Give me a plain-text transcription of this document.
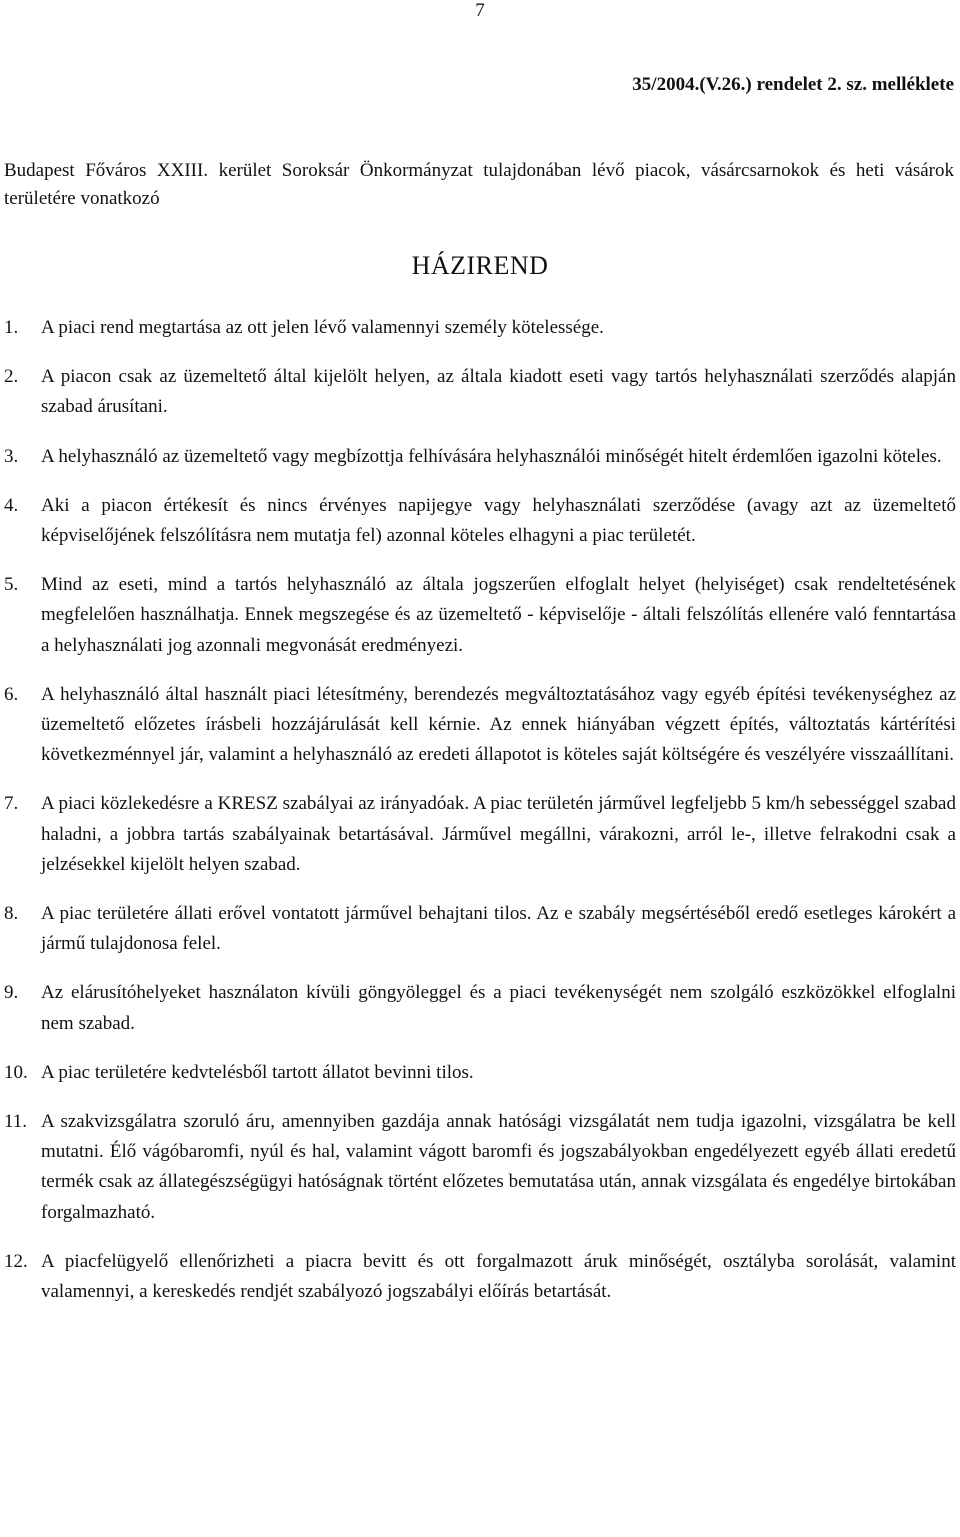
7
35/2004.(V.26.) rendelet 2. sz. melléklete
Budapest Főváros XXIII. kerület Soroksár Önkormányzat tulajdonában lévő piacok, vásárcsarnokok és heti vásárok területére vonatkozó
HÁZIREND
1. A piaci rend megtartása az ott jelen lévő valamennyi személy kötelessége.
2. A piacon csak az üzemeltető által kijelölt helyen, az általa kiadott eseti vagy tartós helyhasználati szerződés alapján szabad árusítani.
3. A helyhasználó az üzemeltető vagy megbízottja felhívására helyhasználói minőségét hitelt érdemlően igazolni köteles.
4. Aki a piacon értékesít és nincs érvényes napijegye vagy helyhasználati szerződése (avagy azt az üzemeltető képviselőjének felszólításra nem mutatja fel) azonnal köteles elhagyni a piac területét.
5. Mind az eseti, mind a tartós helyhasználó az általa jogszerűen elfoglalt helyet (helyiséget) csak rendeltetésének megfelelően használhatja. Ennek megszegése és az üzemeltető - képviselője - általi felszólítás ellenére való fenntartása a helyhasználati jog azonnali megvonását eredményezi.
6. A helyhasználó által használt piaci létesítmény, berendezés megváltoztatásához vagy egyéb építési tevékenységhez az üzemeltető előzetes írásbeli hozzájárulását kell kérnie. Az ennek hiányában végzett építés, változtatás kártérítési következménnyel jár, valamint a helyhasználó az eredeti állapotot is köteles saját költségére és veszélyére visszaállítani.
7. A piaci közlekedésre a KRESZ szabályai az irányadóak. A piac területén járművel legfeljebb 5 km/h sebességgel szabad haladni, a jobbra tartás szabályainak betartásával. Járművel megállni, várakozni, arról le-, illetve felrakodni csak a jelzésekkel kijelölt helyen szabad.
8. A piac területére állati erővel vontatott járművel behajtani tilos. Az e szabály megsértéséből eredő esetleges károkért a jármű tulajdonosa felel.
9. Az elárusítóhelyeket használaton kívüli göngyöleggel és a piaci tevékenységét nem szolgáló eszközökkel elfoglalni nem szabad.
10. A piac területére kedvtelésből tartott állatot bevinni tilos.
11. A szakvizsgálatra szoruló áru, amennyiben gazdája annak hatósági vizsgálatát nem tudja igazolni, vizsgálatra be kell mutatni. Élő vágóbaromfi, nyúl és hal, valamint vágott baromfi és jogszabályokban engedélyezett egyéb állati eredetű termék csak az állategészségügyi hatóságnak történt előzetes bemutatása után, annak vizsgálata és engedélye birtokában forgalmazható.
12. A piacfelügyelő ellenőrizheti a piacra bevitt és ott forgalmazott áruk minőségét, osztályba sorolását, valamint valamennyi, a kereskedés rendjét szabályozó jogszabályi előírás betartását.
